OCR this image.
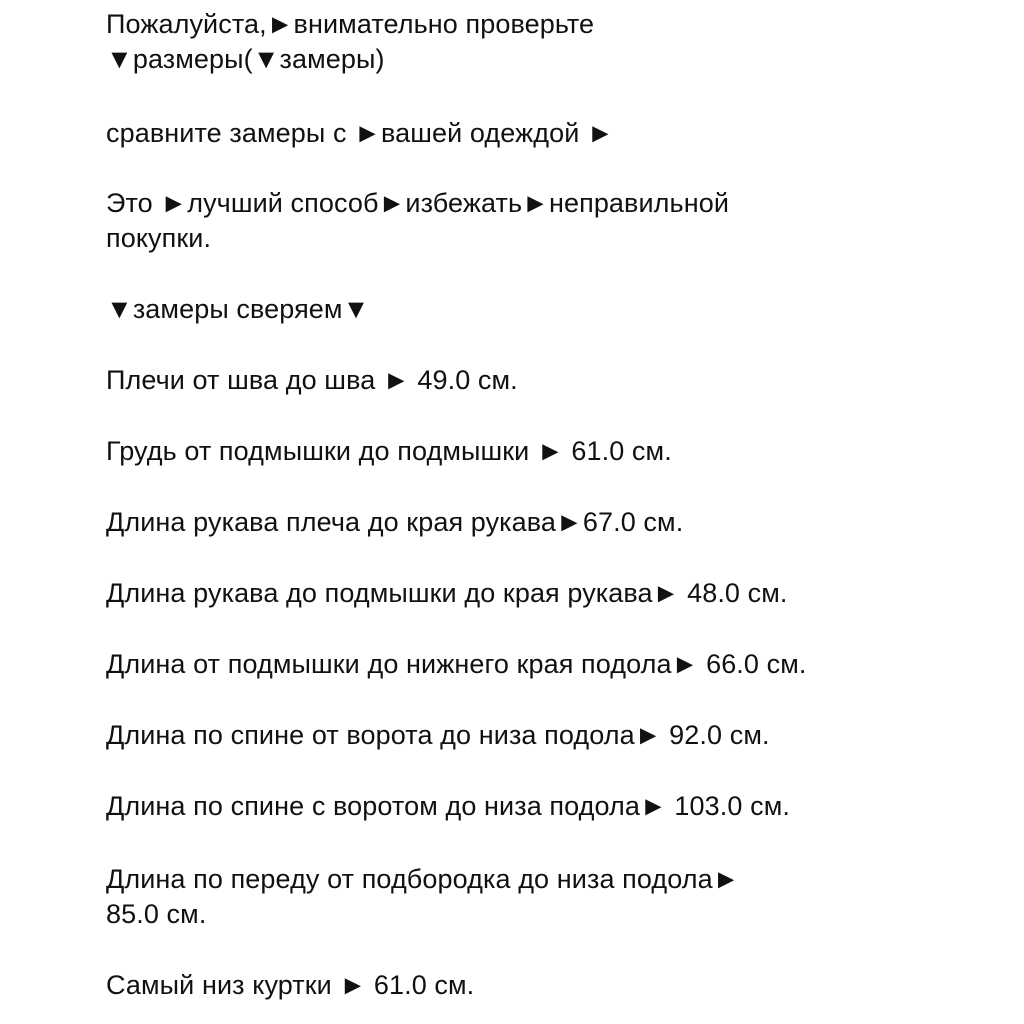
Пожалуйста,►внимательно проверьте
▼размеры(▼замеры)

сравните замеры с ►вашей одеждой ►

Это ►лучший способ►избежать►неправильной
покупки.

▼замеры сверяем▼

Плечи от шва до шва ► 49.0 см.

Грудь от подмышки до подмышки ► 61.0 см.

Длина рукава плеча до края рукава►67.0 см.

Длина рукава до подмышки до края рукава► 48.0 см.

Длина от подмышки до нижнего края подола► 66.0 см.

Длина по спине от ворота до низа подола► 92.0 см.

Длина по спине с воротом до низа подола► 103.0 см.

Длина по переду от подбородка до низа подола►
85.0 см.

Самый низ куртки ► 61.0 см.
